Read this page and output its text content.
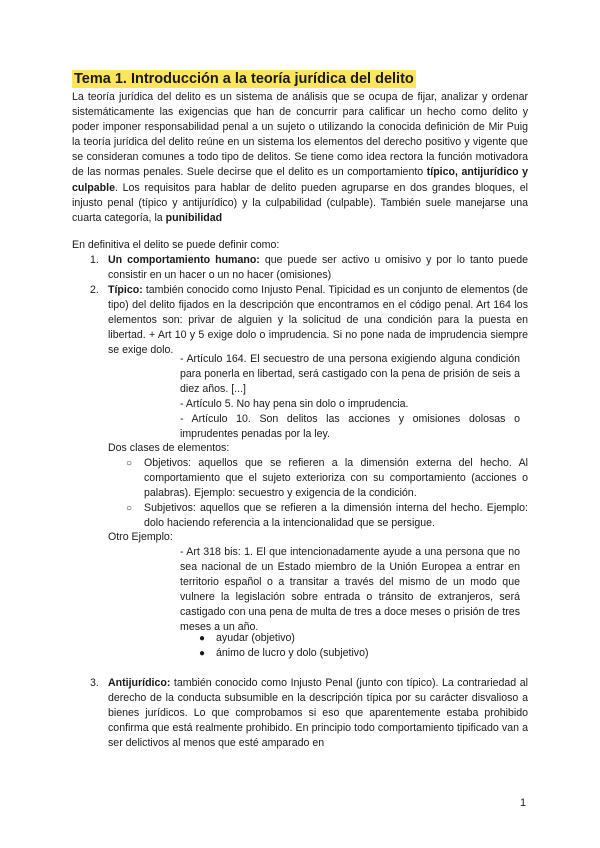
Tema 1. Introducción a la teoría jurídica del delito
La teoría jurídica del delito es un sistema de análisis que se ocupa de fijar, analizar y ordenar sistemáticamente las exigencias que han de concurrir para calificar un hecho como delito y poder imponer responsabilidad penal a un sujeto o utilizando la conocida definición de Mir Puig la teoría jurídica del delito reúne en un sistema los elementos del derecho positivo y vigente que se consideran comunes a todo tipo de delitos. Se tiene como idea rectora la función motivadora de las normas penales. Suele decirse que el delito es un comportamiento típico, antijurídico y culpable. Los requisitos para hablar de delito pueden agruparse en dos grandes bloques, el injusto penal (típico y antijurídico) y la culpabilidad (culpable). También suele manejarse una cuarta categoría, la punibilidad
En definitiva el delito se puede definir como:
1. Un comportamiento humano: que puede ser activo u omisivo y por lo tanto puede consistir en un hacer o un no hacer (omisiones)
2. Típico: también conocido como Injusto Penal. Tipicidad es un conjunto de elementos (de tipo) del delito fijados en la descripción que encontramos en el código penal. Art 164 los elementos son: privar de alguien y la solicitud de una condición para la puesta en libertad. + Art 10 y 5 exige dolo o imprudencia. Si no pone nada de imprudencia siempre se exige dolo.
- Artículo 164. El secuestro de una persona exigiendo alguna condición para ponerla en libertad, será castigado con la pena de prisión de seis a diez años. [...]
- Artículo 5. No hay pena sin dolo o imprudencia.
- Artículo 10. Son delitos las acciones y omisiones dolosas o imprudentes penadas por la ley.
Dos clases de elementos:
○ Objetivos: aquellos que se refieren a la dimensión externa del hecho. Al comportamiento que el sujeto exterioriza con su comportamiento (acciones o palabras). Ejemplo: secuestro y exigencia de la condición.
○ Subjetivos: aquellos que se refieren a la dimensión interna del hecho. Ejemplo: dolo haciendo referencia a la intencionalidad que se persigue.
Otro Ejemplo:
- Art 318 bis: 1. El que intencionadamente ayude a una persona que no sea nacional de un Estado miembro de la Unión Europea a entrar en territorio español o a transitar a través del mismo de un modo que vulnere la legislación sobre entrada o tránsito de extranjeros, será castigado con una pena de multa de tres a doce meses o prisión de tres meses a un año.
● ayudar (objetivo)
● ánimo de lucro y dolo (subjetivo)
3. Antijurídico: también conocido como Injusto Penal (junto con típico). La contrariedad al derecho de la conducta subsumible en la descripción típica por su carácter disvalioso a bienes jurídicos. Lo que comprobamos si eso que aparentemente estaba prohibido confirma que está realmente prohibido. En principio todo comportamiento tipificado van a ser delictivos al menos que esté amparado en
1
